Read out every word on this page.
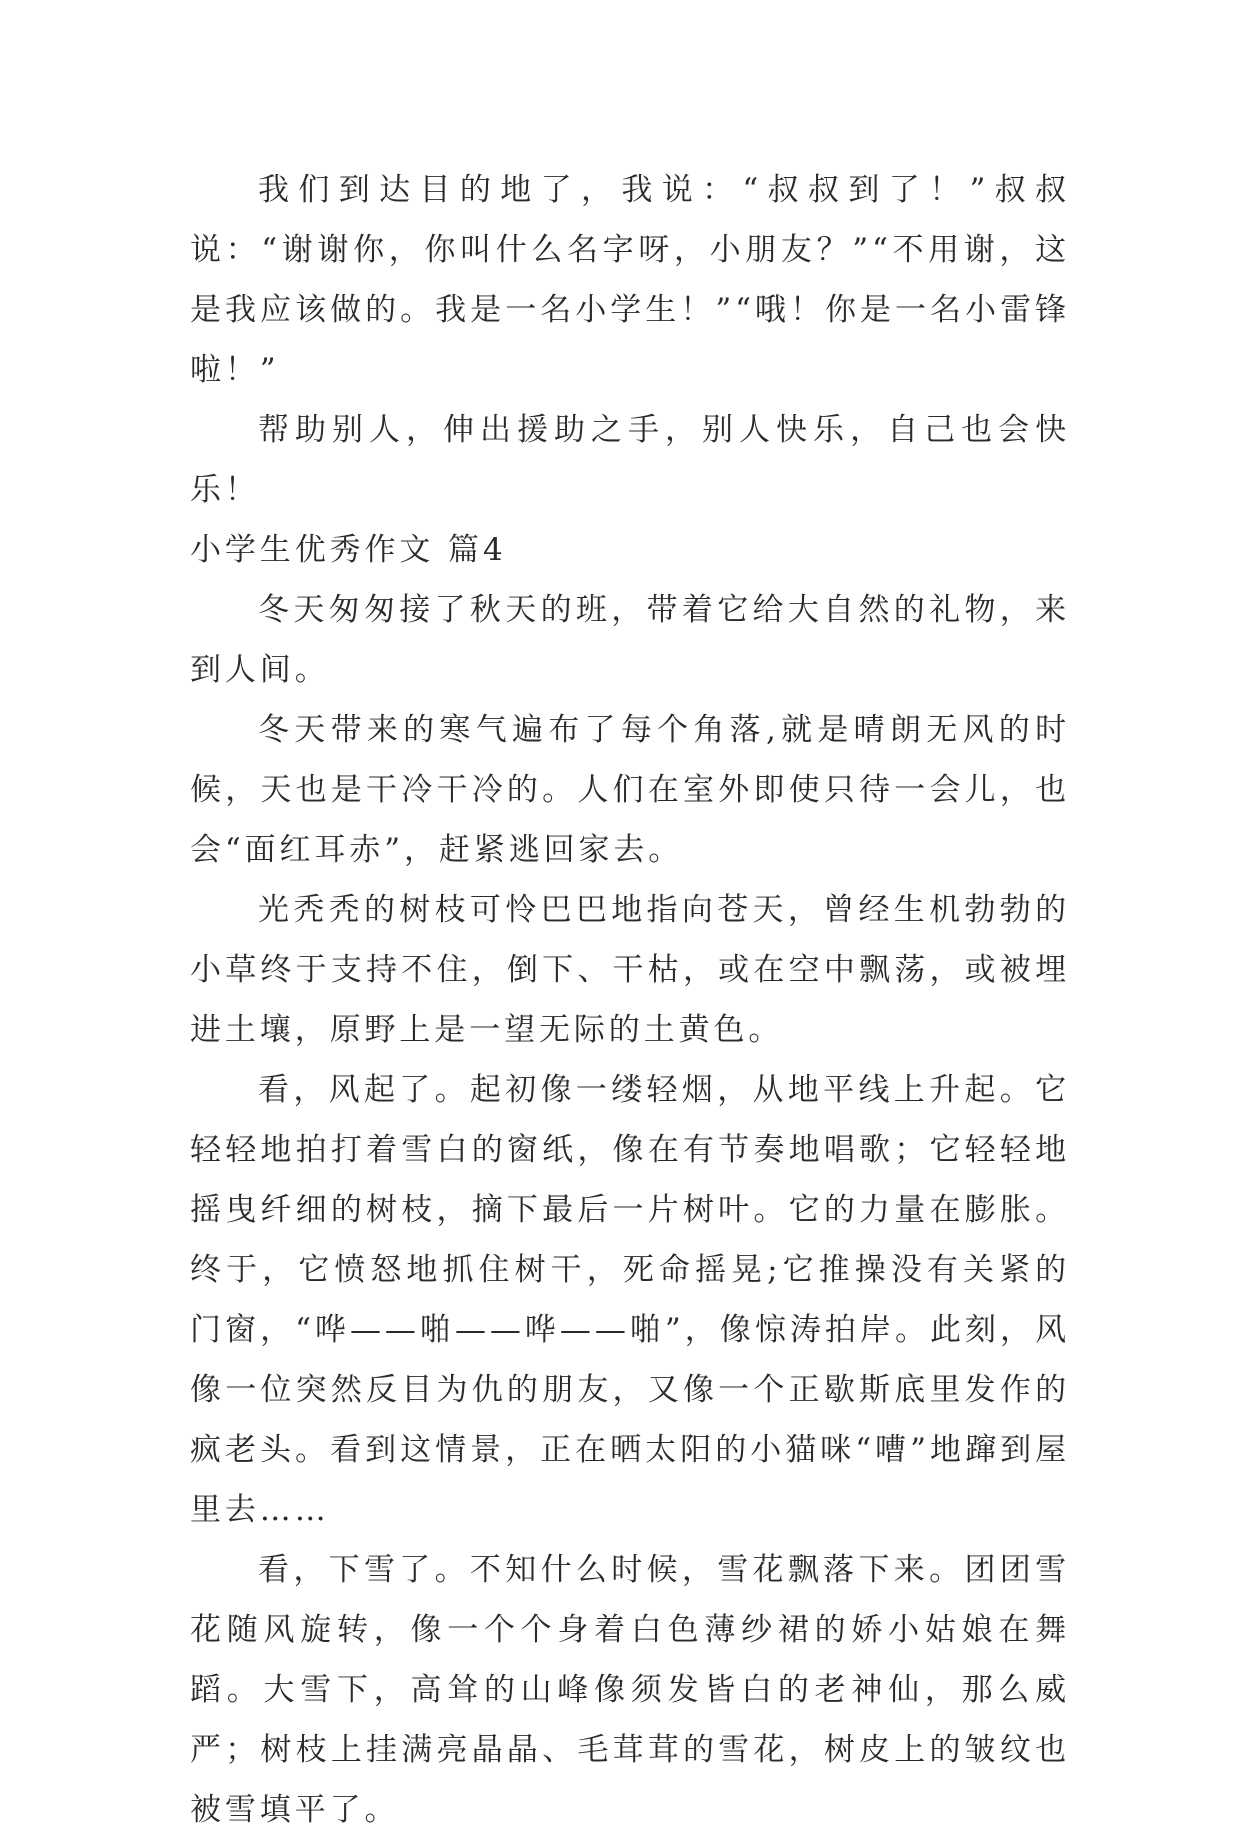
我们到达目的地了，我说：“叔叔到了！”叔叔说：“谢谢你，你叫什么名字呀，小朋友？”“不用谢，这是我应该做的。我是一名小学生！”“哦！你是一名小雷锋啦！”

帮助别人，伸出援助之手，别人快乐，自己也会快乐！

小学生优秀作文 篇4

冬天匆匆接了秋天的班，带着它给大自然的礼物，来到人间。

冬天带来的寒气遍布了每个角落,就是晴朗无风的时候，天也是干冷干冷的。人们在室外即使只待一会儿，也会“面红耳赤”，赶紧逃回家去。

光秃秃的树枝可怜巴巴地指向苍天，曾经生机勃勃的小草终于支持不住，倒下、干枯，或在空中飘荡，或被埋进土壤，原野上是一望无际的土黄色。

看，风起了。起初像一缕轻烟，从地平线上升起。它轻轻地拍打着雪白的窗纸，像在有节奏地唱歌；它轻轻地摇曳纤细的树枝，摘下最后一片树叶。它的力量在膨胀。终于，它愤怒地抓住树干，死命摇晃;它推操没有关紧的门窗，“哗——啪——哗——啪”，像惊涛拍岸。此刻，风像一位突然反目为仇的朋友，又像一个正歇斯底里发作的疯老头。看到这情景，正在晒太阳的小猫咪“嘈”地蹿到屋里去……

看，下雪了。不知什么时候，雪花飘落下来。团团雪花随风旋转，像一个个身着白色薄纱裙的娇小姑娘在舞蹈。大雪下，高耸的山峰像须发皆白的老神仙，那么威严；树枝上挂满亮晶晶、毛茸茸的雪花，树皮上的皱纹也被雪填平了。
